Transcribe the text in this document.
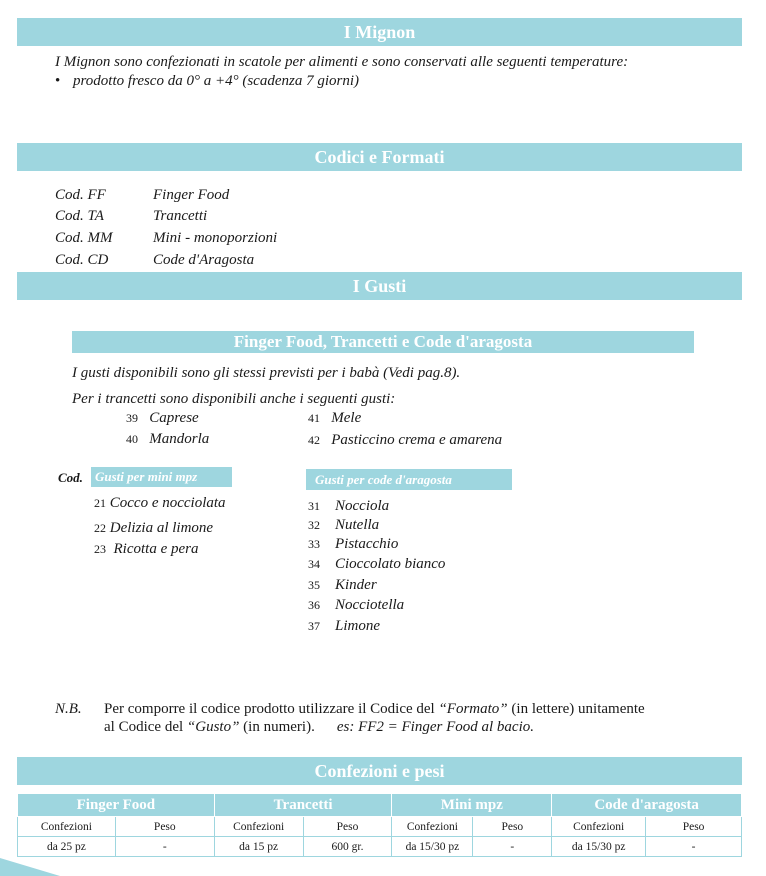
I Mignon
I Mignon sono confezionati in scatole per alimenti e sono conservati alle seguenti temperature:
• prodotto fresco da 0° a +4° (scadenza 7 giorni)
Codici e Formati
Cod. FF	Finger Food
Cod. TA	Trancetti
Cod. MM	Mini - monoporzioni
Cod. CD	Code d'Aragosta
I Gusti
Finger Food, Trancetti e Code d'aragosta
I gusti disponibili sono gli stessi previsti per i babà (Vedi pag.8).
Per i trancetti sono disponibili anche i seguenti gusti:
39 Caprese
40 Mandorla
41 Mele
42 Pasticcino crema e amarena
Cod. Gusti per mini mpz	Gusti per code d'aragosta
21 Cocco e nocciolata
22 Delizia al limone
23 Ricotta e pera
31 Nocciola
32 Nutella
33 Pistacchio
34 Cioccolato bianco
35 Kinder
36 Nocciotella
37 Limone
N.B. Per comporre il codice prodotto utilizzare il Codice del “Formato” (in lettere) unitamente
al Codice del “Gusto” (in numeri). es: FF2 = Finger Food al bacio.
Confezioni e pesi
Finger Food		Trancetti		Mini mpz		Code d'aragosta	
Confezioni	Peso	Confezioni	Peso	Confezioni	Peso	Confezioni	Peso
da 25 pz	-	da 15 pz	600 gr.	da 15/30 pz	-	da 15/30 pz	-
